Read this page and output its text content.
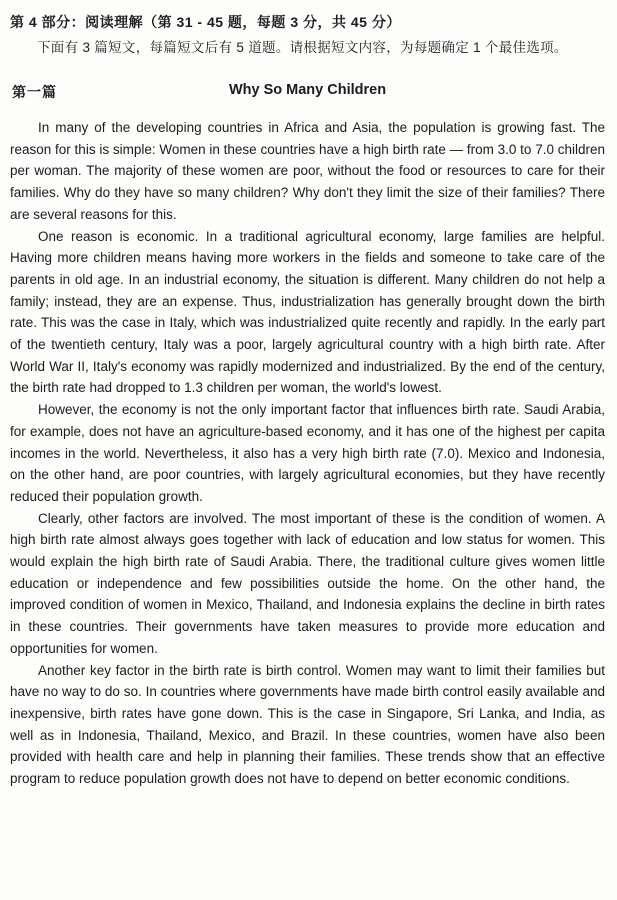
第 4 部分：阅读理解（第 31 - 45 题，每题 3 分，共 45 分）
下面有 3 篇短文，每篇短文后有 5 道题。请根据短文内容，为每题确定 1 个最佳选项。
第一篇	Why So Many Children

In many of the developing countries in Africa and Asia, the population is growing fast. The reason for this is simple: Women in these countries have a high birth rate — from 3.0 to 7.0 children per woman. The majority of these women are poor, without the food or resources to care for their families. Why do they have so many children? Why don't they limit the size of their families? There are several reasons for this.

One reason is economic. In a traditional agricultural economy, large families are helpful. Having more children means having more workers in the fields and someone to take care of the parents in old age. In an industrial economy, the situation is different. Many children do not help a family; instead, they are an expense. Thus, industrialization has generally brought down the birth rate. This was the case in Italy, which was industrialized quite recently and rapidly. In the early part of the twentieth century, Italy was a poor, largely agricultural country with a high birth rate. After World War II, Italy's economy was rapidly modernized and industrialized. By the end of the century, the birth rate had dropped to 1.3 children per woman, the world's lowest.

However, the economy is not the only important factor that influences birth rate. Saudi Arabia, for example, does not have an agriculture-based economy, and it has one of the highest per capita incomes in the world. Nevertheless, it also has a very high birth rate (7.0). Mexico and Indonesia, on the other hand, are poor countries, with largely agricultural economies, but they have recently reduced their population growth.

Clearly, other factors are involved. The most important of these is the condition of women. A high birth rate almost always goes together with lack of education and low status for women. This would explain the high birth rate of Saudi Arabia. There, the traditional culture gives women little education or independence and few possibilities outside the home. On the other hand, the improved condition of women in Mexico, Thailand, and Indonesia explains the decline in birth rates in these countries. Their governments have taken measures to provide more education and opportunities for women.

Another key factor in the birth rate is birth control. Women may want to limit their families but have no way to do so. In countries where governments have made birth control easily available and inexpensive, birth rates have gone down. This is the case in Singapore, Sri Lanka, and India, as well as in Indonesia, Thailand, Mexico, and Brazil. In these countries, women have also been provided with health care and help in planning their families. These trends show that an effective program to reduce population growth does not have to depend on better economic conditions.
